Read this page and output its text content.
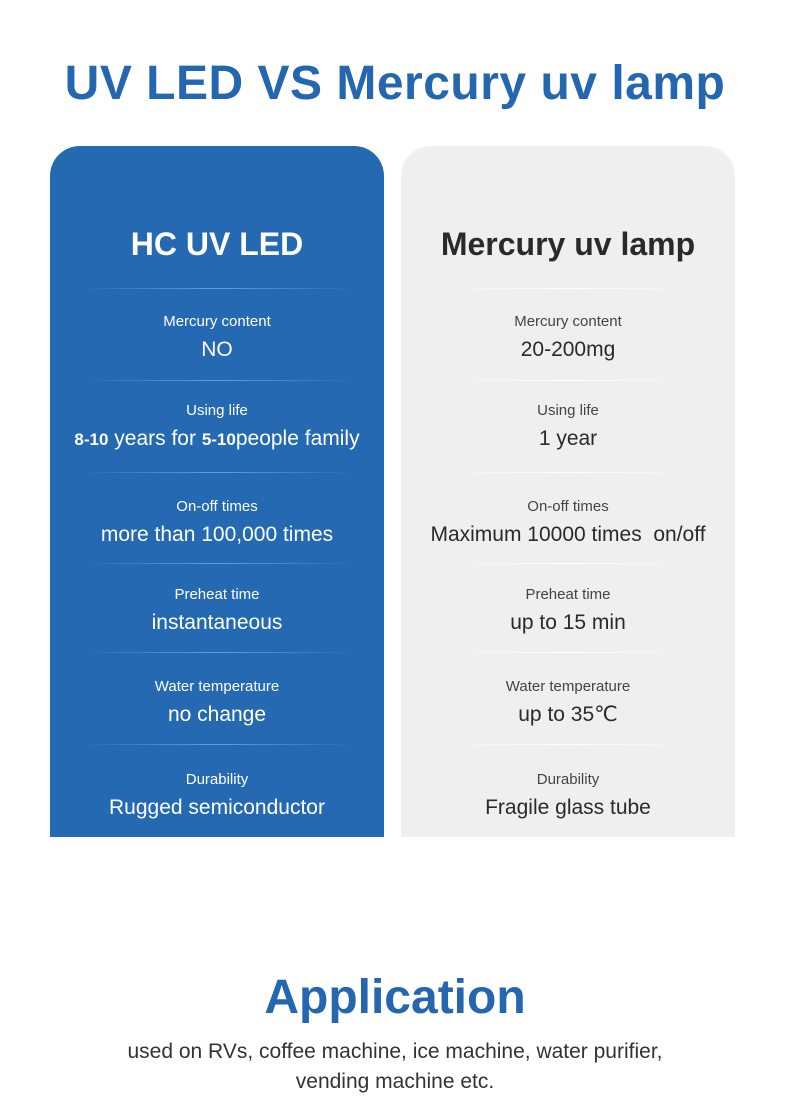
UV LED VS Mercury uv lamp
HC UV LED
Mercury content
NO
Using life
8-10 years for 5-10people family
On-off times
more than 100,000 times
Preheat time
instantaneous
Water temperature
no change
Durability
Rugged semiconductor
Mercury uv lamp
Mercury content
20-200mg
Using life
1 year
On-off times
Maximum 10000 times  on/off
Preheat time
up to 15 min
Water temperature
up to 35℃
Durability
Fragile glass tube
Application

used on RVs, coffee machine, ice machine, water purifier, vending machine etc.
